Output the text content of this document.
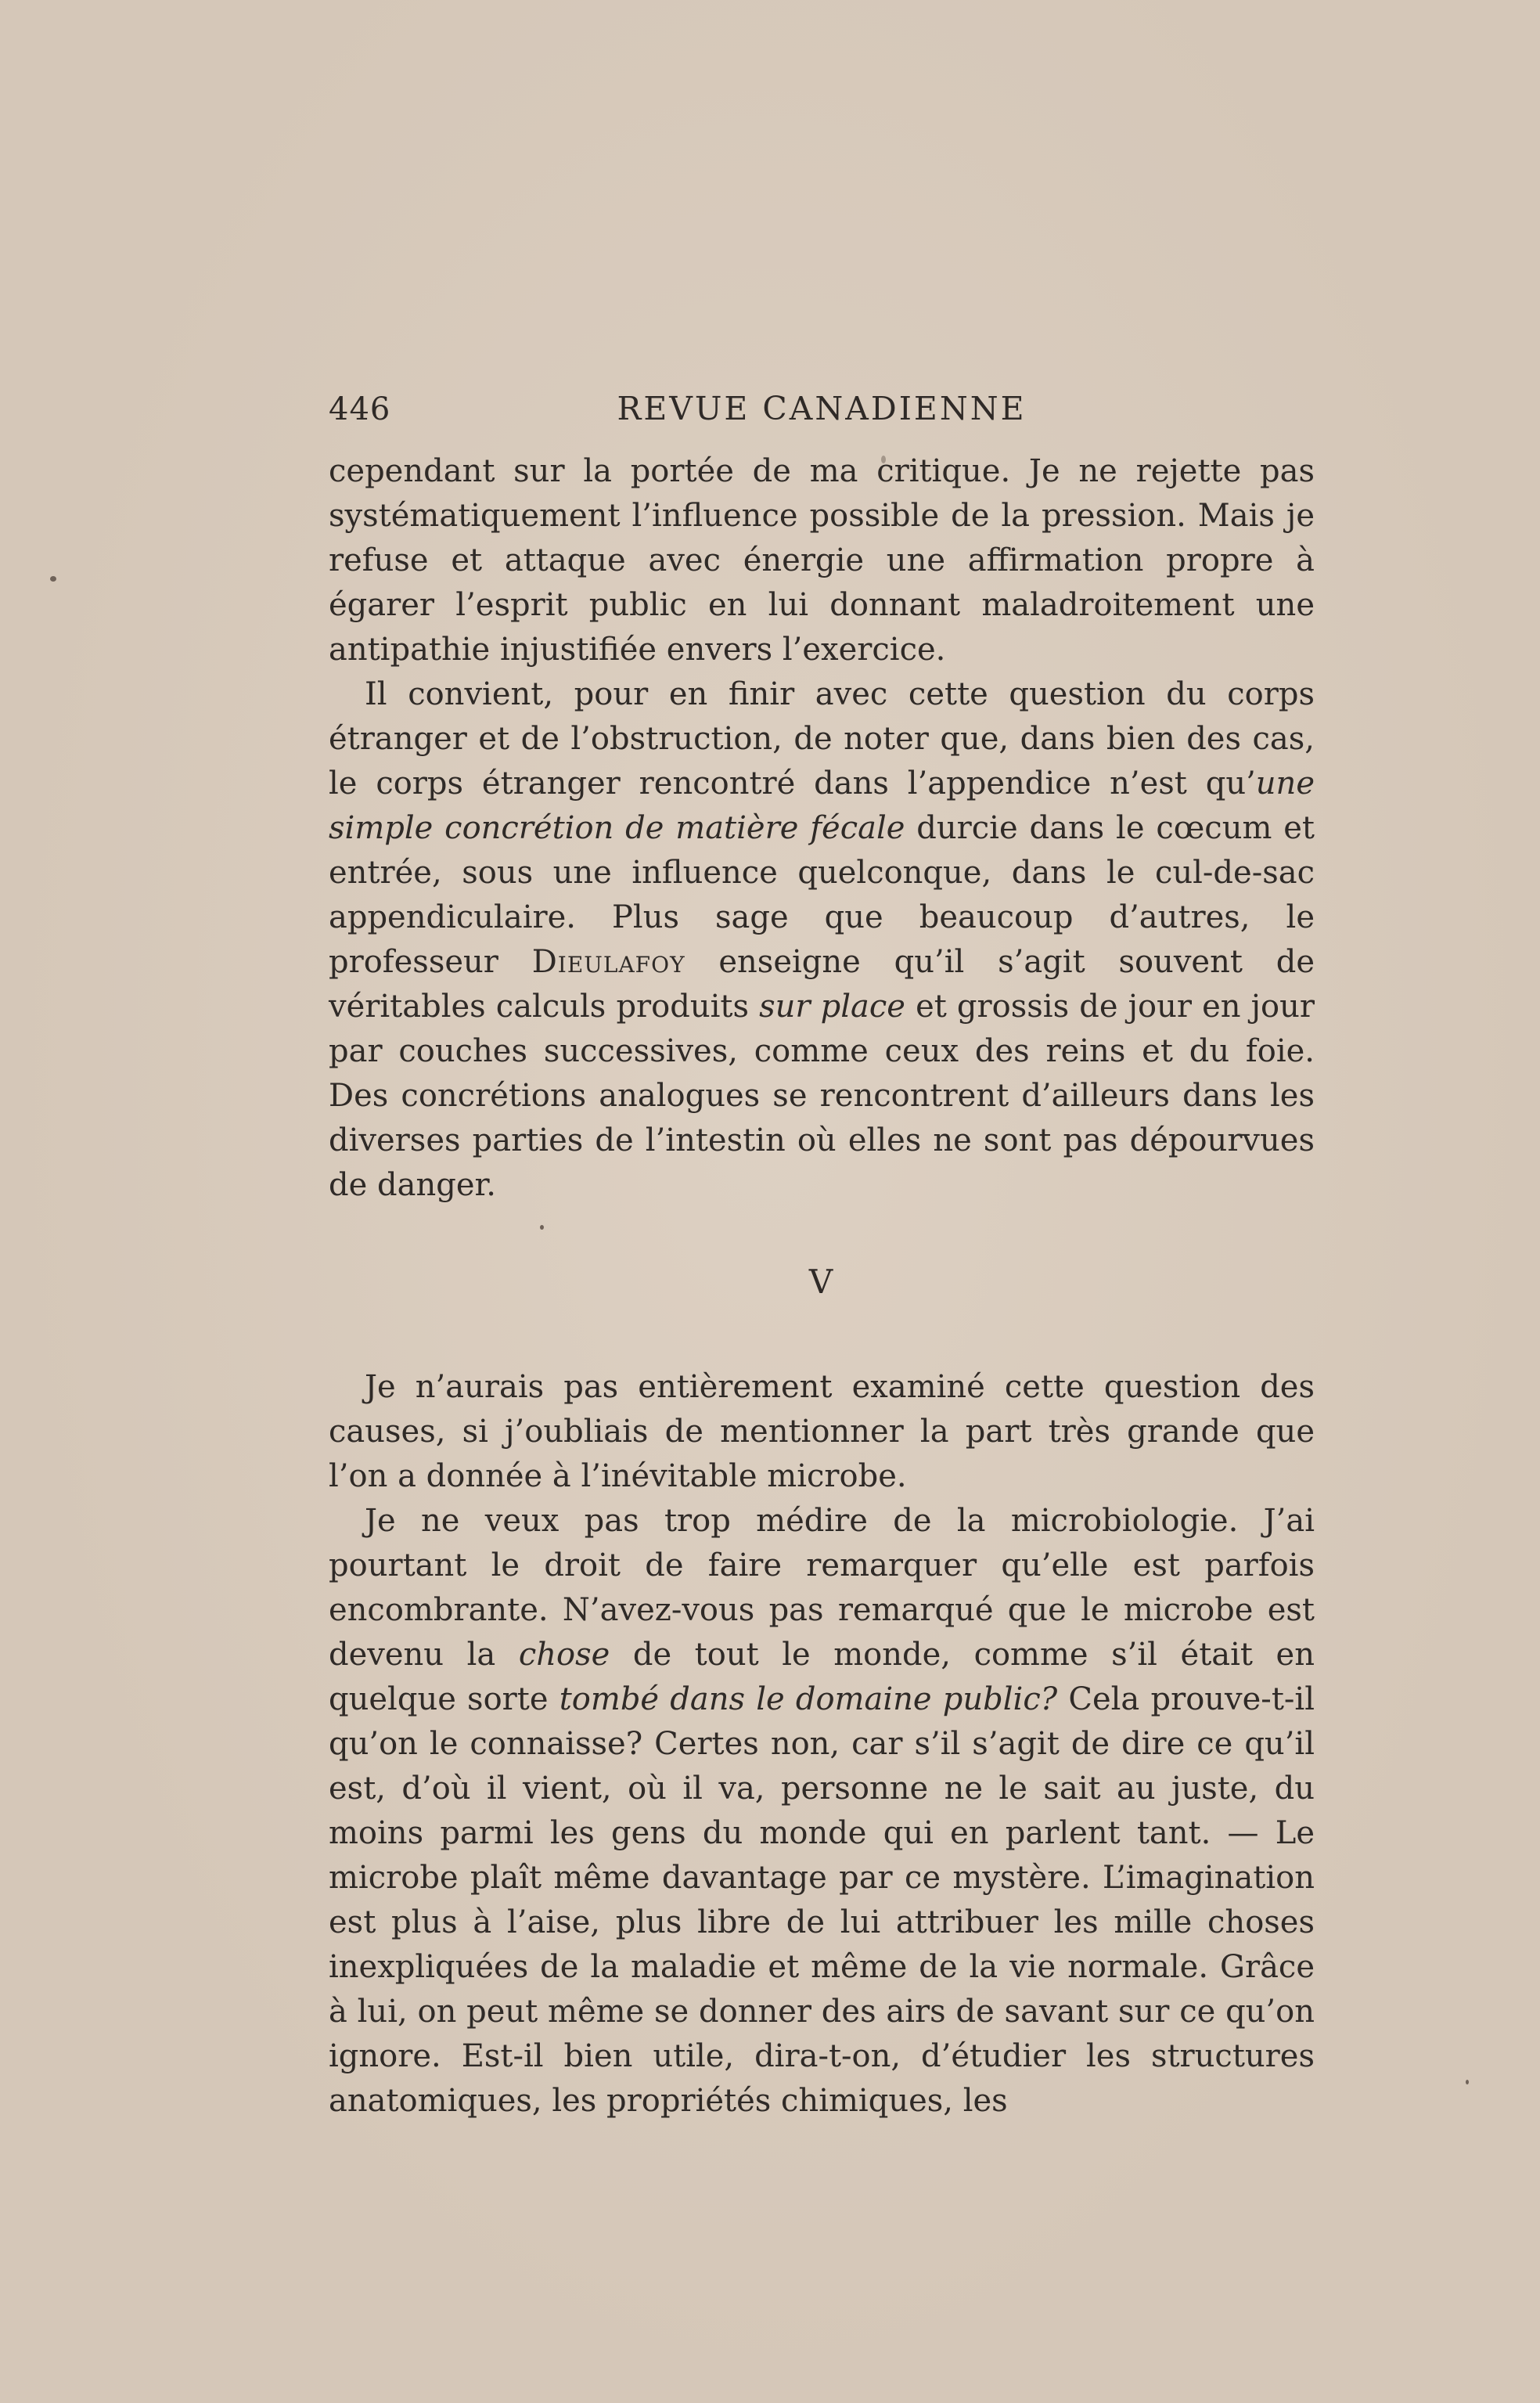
446	REVUE CANADIENNE

cependant sur la portée de ma critique. Je ne rejette pas systématiquement l’influence possible de la pression. Mais je refuse et attaque avec énergie une affirmation propre à égarer l’esprit public en lui donnant maladroitement une antipathie injustifiée envers l’exercice.

Il convient, pour en finir avec cette question du corps étranger et de l’obstruction, de noter que, dans bien des cas, le corps étranger rencontré dans l’appendice n’est qu’une simple concrétion de matière fécale durcie dans le cœcum et entrée, sous une influence quelconque, dans le cul-de-sac appendiculaire. Plus sage que beaucoup d’autres, le professeur Dieulafoy enseigne qu’il s’agit souvent de véritables calculs produits sur place et grossis de jour en jour par couches successives, comme ceux des reins et du foie. Des concrétions analogues se rencontrent d’ailleurs dans les diverses parties de l’intestin où elles ne sont pas dépourvues de danger.

V

Je n’aurais pas entièrement examiné cette question des causes, si j’oubliais de mentionner la part très grande que l’on a donnée à l’inévitable microbe.

Je ne veux pas trop médire de la microbiologie. J’ai pourtant le droit de faire remarquer qu’elle est parfois encombrante. N’avez-vous pas remarqué que le microbe est devenu la chose de tout le monde, comme s’il était en quelque sorte tombé dans le domaine public? Cela prouve-t-il qu’on le connaisse? Certes non, car s’il s’agit de dire ce qu’il est, d’où il vient, où il va, personne ne le sait au juste, du moins parmi les gens du monde qui en parlent tant. — Le microbe plaît même davantage par ce mystère. L’imagination est plus à l’aise, plus libre de lui attribuer les mille choses inexpliquées de la maladie et même de la vie normale. Grâce à lui, on peut même se donner des airs de savant sur ce qu’on ignore. Est-il bien utile, dira-t-on, d’étudier les structures anatomiques, les propriétés chimiques, les
